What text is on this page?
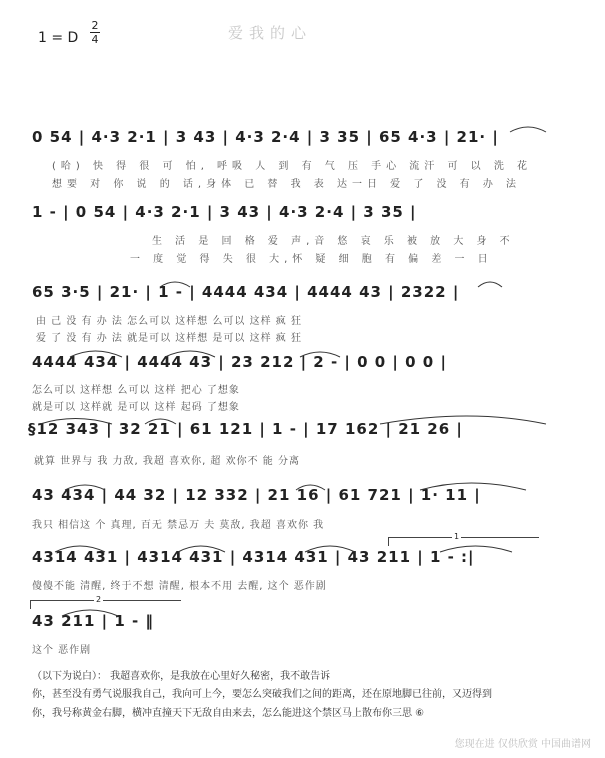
1 = D
2
4	爱我的心
0 54 | 4·3 2·1 | 3 43 | 4·3 2·4 | 3 35 | 65 4·3 | 21· |
(哈) 快 得 很 可 怕, 呼吸 人 到 有 气 压 手心 流汗 可 以 洗 花
想要 对 你 说 的 话,身体 已 替 我 表 达一日 爱 了 没 有 办 法
1 - | 0 54 | 4·3 2·1 | 3 43 | 4·3 2·4 | 3 35 |
生 活 是 回 格 爱 声,音 悠 哀 乐 被 放 大 身 不
一 度 觉 得 失 很 大,怀 疑 细 胞 有 偏 差 一 日
65 3·5 | 21· | 1 - | 4444 434 | 4444 43 | 2322 |
由 己 没 有 办 法 怎么可以 这样想 么可以 这样 疯 狂
爱 了 没 有 办 法 就是可以 这样想 是可以 这样 疯 狂
4444 434 | 4444 43 | 23 212 | 2 - | 0 0 | 0 0 |
怎么可以 这样想 么可以 这样 把心 了想象
就是可以 这样就 是可以 这样 起码 了想象
§12 343 | 32 21 | 61 121 | 1 - | 17 162 | 21 26 |
就算 世界与 我 力敌, 我超 喜欢你, 超 欢你不 能 分离
43 434 | 44 32 | 12 332 | 21 16 | 61 721 | 1· 11 |
我只 相信这 个 真理, 百无 禁忌万 夫 莫敌, 我超 喜欢你 我
1
4314 431 | 4314 431 | 4314 431 | 43 211 | 1 - :|
傻傻不能 清醒, 终于不想 清醒, 根本不用 去醒, 这个 恶作剧
2
43 211 | 1 - ‖
这个 恶作剧
（以下为说白）： 我超喜欢你，是我放在心里好久秘密，我不敢告诉
你，甚至没有勇气说服我自己，我向可上今，要怎么突破我们之间的距离，还在原地脚已往前，又迈得到
你，我号称黄金右脚，横冲直撞天下无敌自由来去，怎么能进这个禁区马上散布你三思 ⑥
您现在进 仅供欣赏 中国曲谱网
